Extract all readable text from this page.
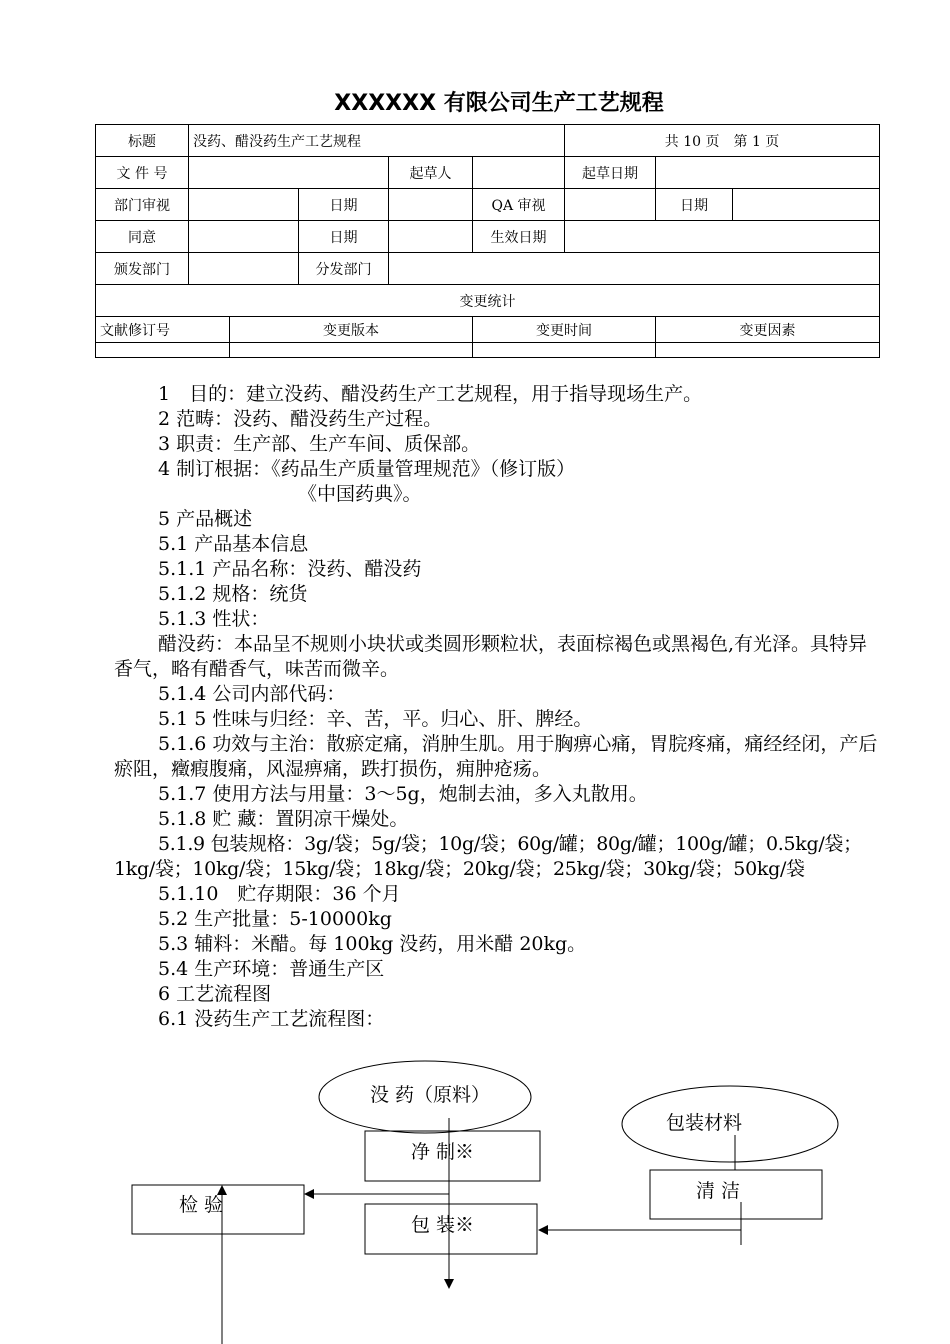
XXXXXX 有限公司生产工艺规程
标题	没药、醋没药生产工艺规程					共 10 页　第 1 页		
文 件 号				起草人		起草日期		
部门审视			日期		QA 审视		日期	
同意			日期		生效日期			
颁发部门			分发部门					
变更统计								
文献修订号		变更版本			变更时间		变更因素	

1　目的：建立没药、醋没药生产工艺规程，用于指导现场生产。

2 范畴：没药、醋没药生产过程。

3 职责：生产部、生产车间、质保部。

4 制订根据：《药品生产质量管理规范》（修订版）

《中国药典》。

5 产品概述

5.1 产品基本信息

5.1.1 产品名称：没药、醋没药

5.1.2 规格：统货

5.1.3 性状：

醋没药：本品呈不规则小块状或类圆形颗粒状，表面棕褐色或黑褐色,有光泽。具特异香气，略有醋香气，味苦而微辛。

5.1.4 公司内部代码：

5.1 5 性味与归经：辛、苦，平。归心、肝、脾经。

5.1.6 功效与主治：散瘀定痛，消肿生肌。用于胸痹心痛，胃脘疼痛，痛经经闭，产后瘀阻，癥瘕腹痛，风湿痹痛，跌打损伤，痈肿疮疡。

5.1.7 使用方法与用量：3～5g，炮制去油，多入丸散用。

5.1.8 贮 藏：置阴凉干燥处。

5.1.9 包装规格：3g/袋；5g/袋；10g/袋；60g/罐；80g/罐；100g/罐；0.5kg/袋；1kg/袋；10kg/袋；15kg/袋；18kg/袋；20kg/袋；25kg/袋；30kg/袋；50kg/袋

5.1.10　贮存期限：36 个月

5.2 生产批量：5-10000kg

5.3 辅料：米醋。每 100kg 没药，用米醋 20kg。

5.4 生产环境：普通生产区

6 工艺流程图

6.1 没药生产工艺流程图：

没 药（原料）
包装材料
净 制※
清 洁
检 验
包 装※
